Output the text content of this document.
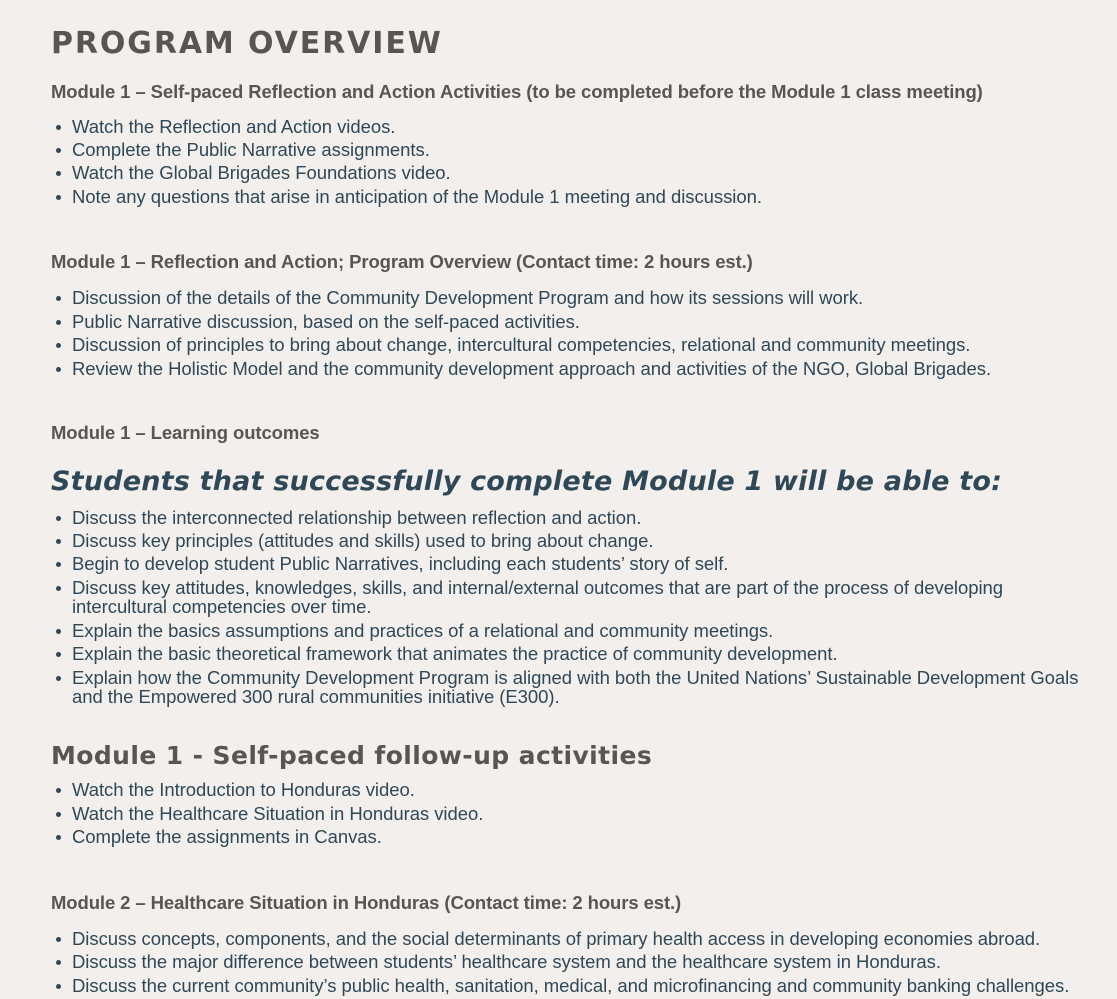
PROGRAM OVERVIEW
Module 1 – Self-paced Reflection and Action Activities (to be completed before the Module 1 class meeting)
Watch the Reflection and Action videos.
Complete the Public Narrative assignments.
Watch the Global Brigades Foundations video.
Note any questions that arise in anticipation of the Module 1 meeting and discussion.
Module 1 – Reflection and Action; Program Overview (Contact time: 2 hours est.)
Discussion of the details of the Community Development Program and how its sessions will work.
Public Narrative discussion, based on the self-paced activities.
Discussion of principles to bring about change, intercultural competencies, relational and community meetings.
Review the Holistic Model and the community development approach and activities of the NGO, Global Brigades.
Module 1 – Learning outcomes
Students that successfully complete Module 1 will be able to:
Discuss the interconnected relationship between reflection and action.
Discuss key principles (attitudes and skills) used to bring about change.
Begin to develop student Public Narratives, including each students’ story of self.
Discuss key attitudes, knowledges, skills, and internal/external outcomes that are part of the process of developing intercultural competencies over time.
Explain the basics assumptions and practices of a relational and community meetings.
Explain the basic theoretical framework that animates the practice of community development.
Explain how the Community Development Program is aligned with both the United Nations’ Sustainable Development Goals and the Empowered 300 rural communities initiative (E300).
Module 1 - Self-paced follow-up activities
Watch the Introduction to Honduras video.
Watch the Healthcare Situation in Honduras video.
Complete the assignments in Canvas.
Module 2 – Healthcare Situation in Honduras (Contact time: 2 hours est.)
Discuss concepts, components, and the social determinants of primary health access in developing economies abroad.
Discuss the major difference between students’ healthcare system and the healthcare system in Honduras.
Discuss the current community’s public health, sanitation, medical, and microfinancing and community banking challenges.
